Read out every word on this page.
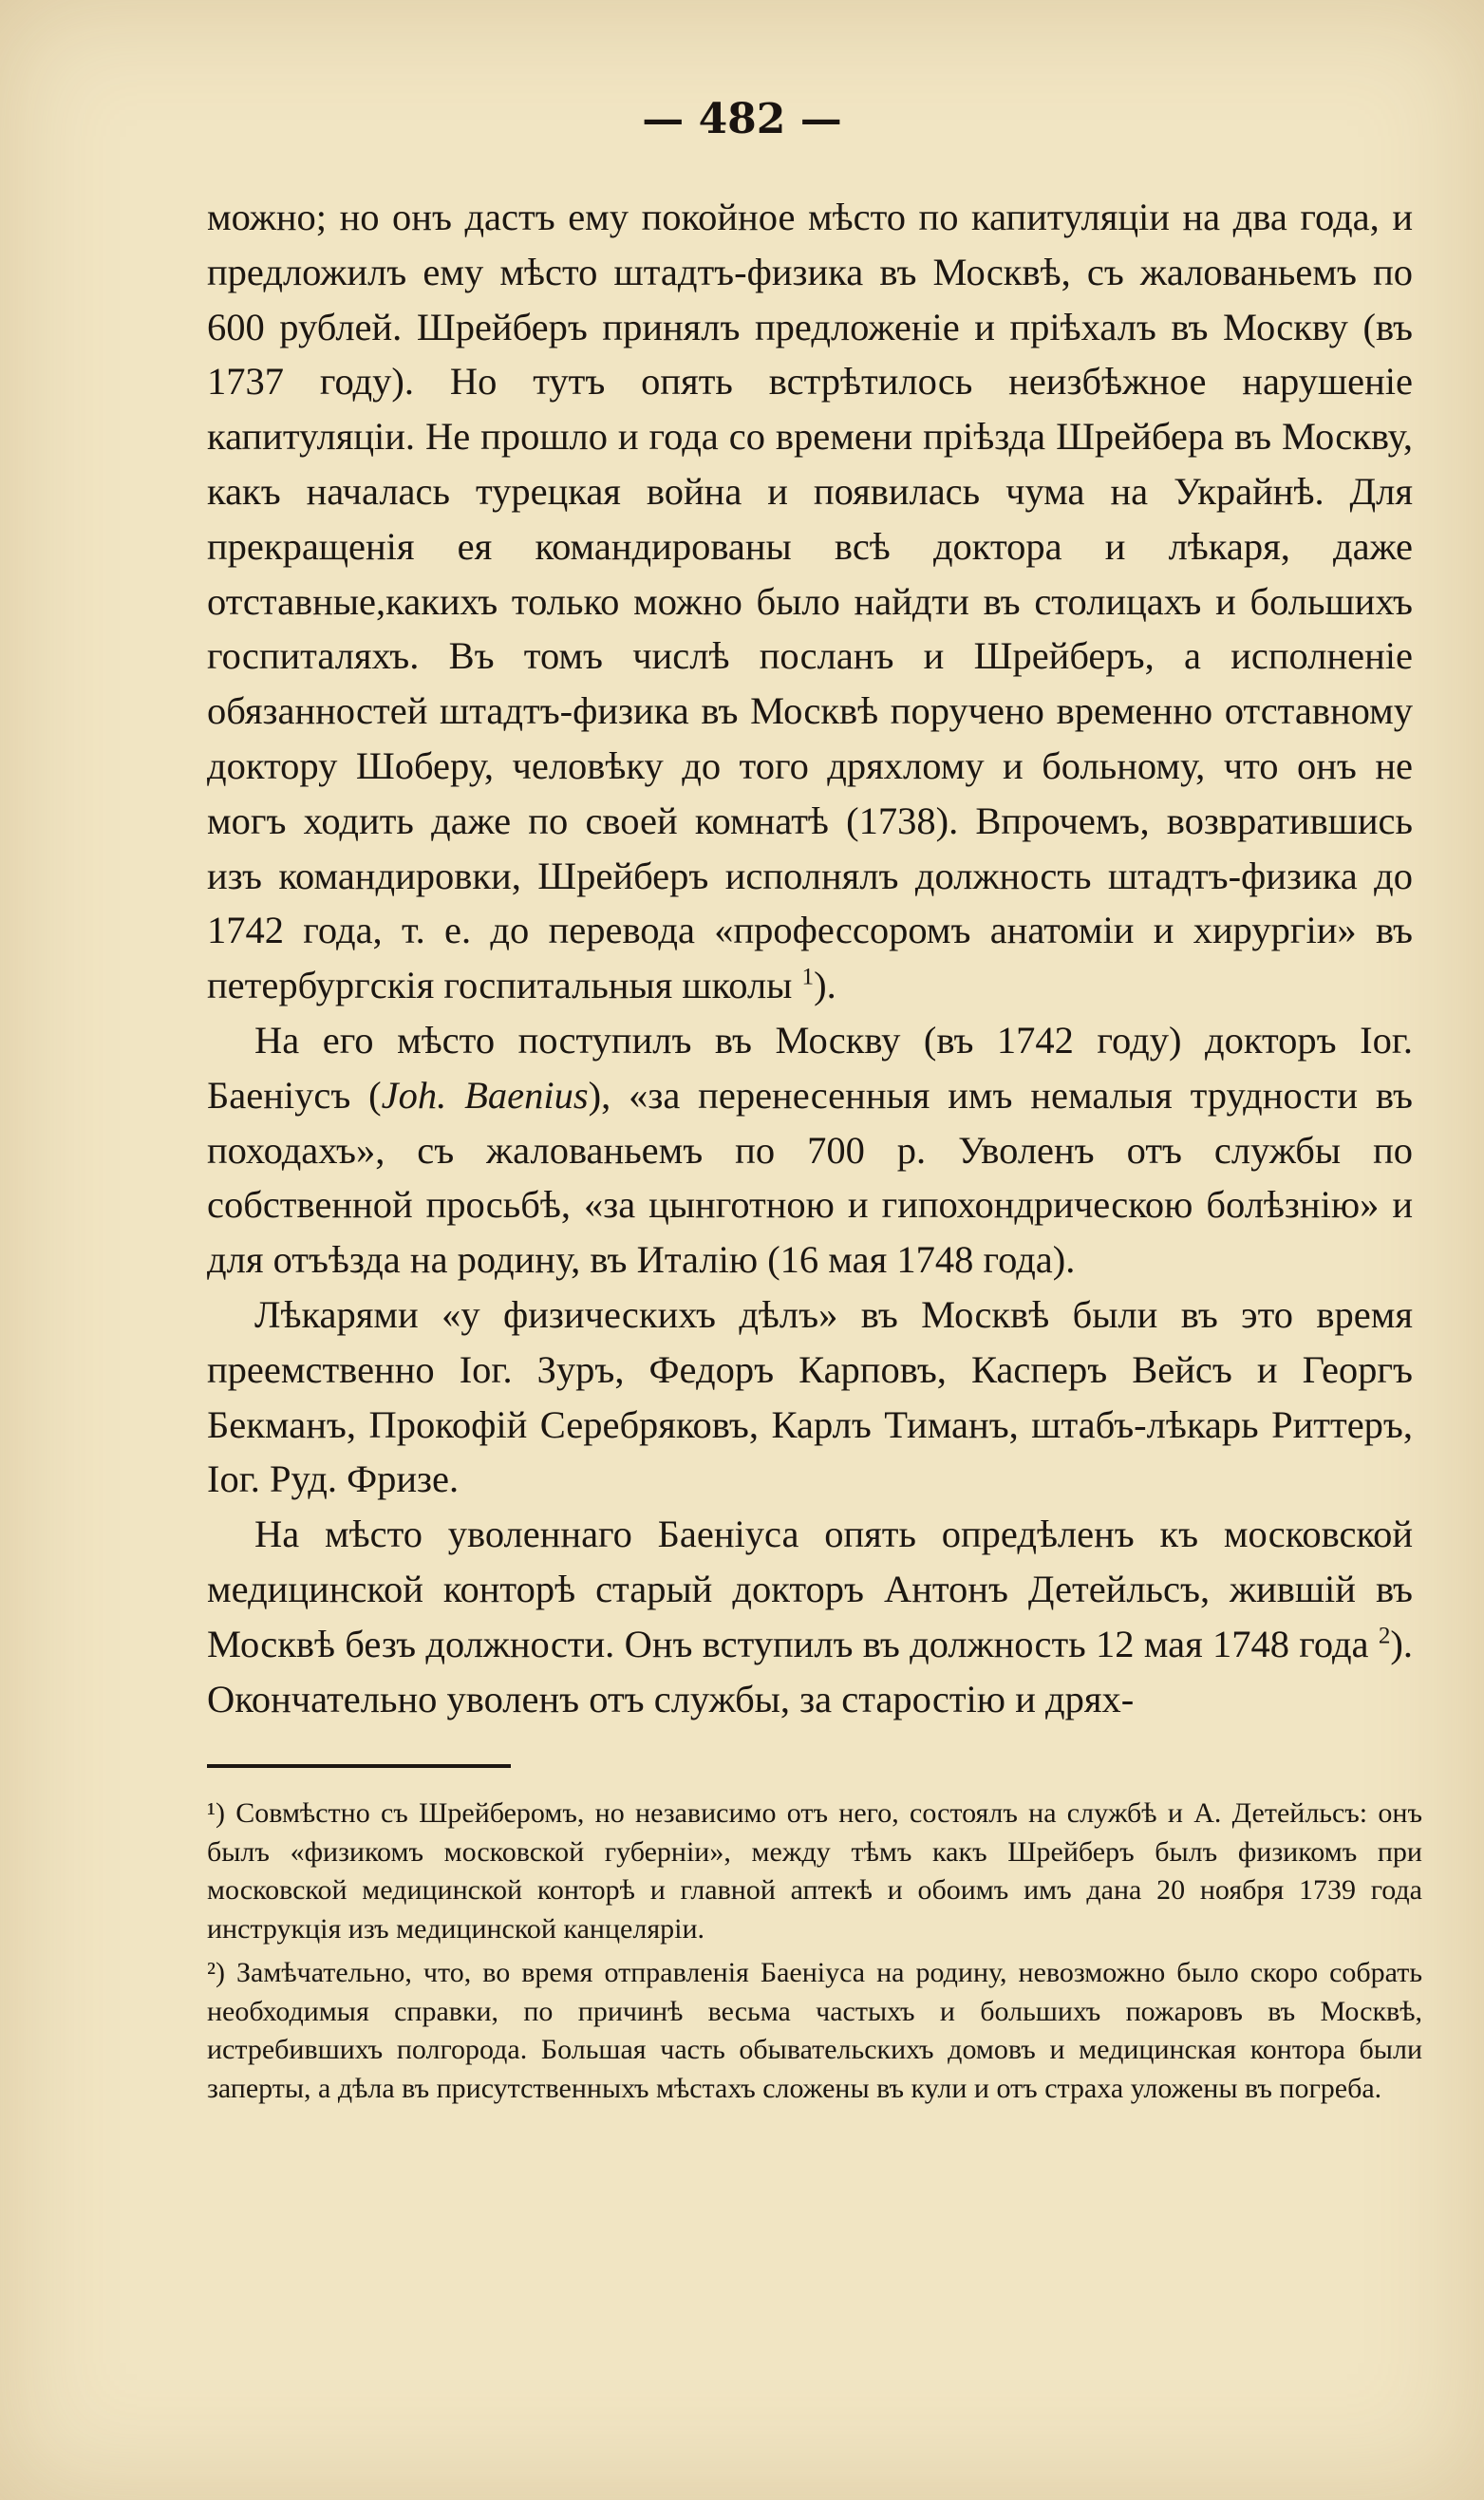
— 482 —

можно; но онъ дастъ ему покойное мѣсто по капитуляціи на два года, и предложилъ ему мѣсто штадтъ-физика въ Москвѣ, съ жалованьемъ по 600 рублей. Шрейберъ принялъ предложеніе и пріѣхалъ въ Москву (въ 1737 году). Но тутъ опять встрѣтилось неизбѣжное нарушеніе капитуляціи. Не прошло и года со времени пріѣзда Шрейбера въ Москву, какъ началась турецкая война и появилась чума на Украйнѣ. Для прекращенія ея командированы всѣ доктора и лѣкаря, даже отставные,какихъ только можно было найдти въ столицахъ и большихъ госпиталяхъ. Въ томъ числѣ посланъ и Шрейберъ, а исполненіе обязанностей штадтъ-физика въ Москвѣ поручено временно отставному доктору Шоберу, человѣку до того дряхлому и больному, что онъ не могъ ходить даже по своей комнатѣ (1738). Впрочемъ, возвратившись изъ командировки, Шрейберъ исполнялъ должность штадтъ-физика до 1742 года, т. е. до перевода «профессоромъ анатоміи и хирургіи» въ петербургскія госпитальныя школы $^1$).

На его мѣсто поступилъ въ Москву (въ 1742 году) докторъ Іог. Баеніусъ (Joh. Baenius), «за перенесенныя имъ немалыя трудности въ походахъ», съ жалованьемъ по 700 р. Уволенъ отъ службы по собственной просьбѣ, «за цынготною и гипохондрическою болѣзнію» и для отъѣзда на родину, въ Италію (16 мая 1748 года).

Лѣкарями «у физическихъ дѣлъ» въ Москвѣ были въ это время преемственно Іог. Зуръ, Федоръ Карповъ, Касперъ Вейсъ и Георгъ Бекманъ, Прокофій Серебряковъ, Карлъ Тиманъ, штабъ-лѣкарь Риттеръ, Іог. Руд. Фризе.

На мѣсто уволеннаго Баеніуса опять опредѣленъ къ московской медицинской конторѣ старый докторъ Антонъ Детейльсъ, жившій въ Москвѣ безъ должности. Онъ вступилъ въ должность 12 мая 1748 года $^2$). Окончательно уволенъ отъ службы, за старостію и дрях-

¹) Совмѣстно съ Шрейберомъ, но независимо отъ него, состоялъ на службѣ и А. Детейльсъ: онъ былъ «физикомъ московской губерніи», между тѣмъ какъ Шрейберъ былъ физикомъ при московской медицинской конторѣ и главной аптекѣ и обоимъ имъ дана 20 ноября 1739 года инструкція изъ медицинской канцеляріи.

²) Замѣчательно, что, во время отправленія Баеніуса на родину, невозможно было скоро собрать необходимыя справки, по причинѣ весьма частыхъ и большихъ пожаровъ въ Москвѣ, истребившихъ полгорода. Большая часть обывательскихъ домовъ и медицинская контора были заперты, а дѣла въ присутственныхъ мѣстахъ сложены въ кули и отъ страха уложены въ погреба.
